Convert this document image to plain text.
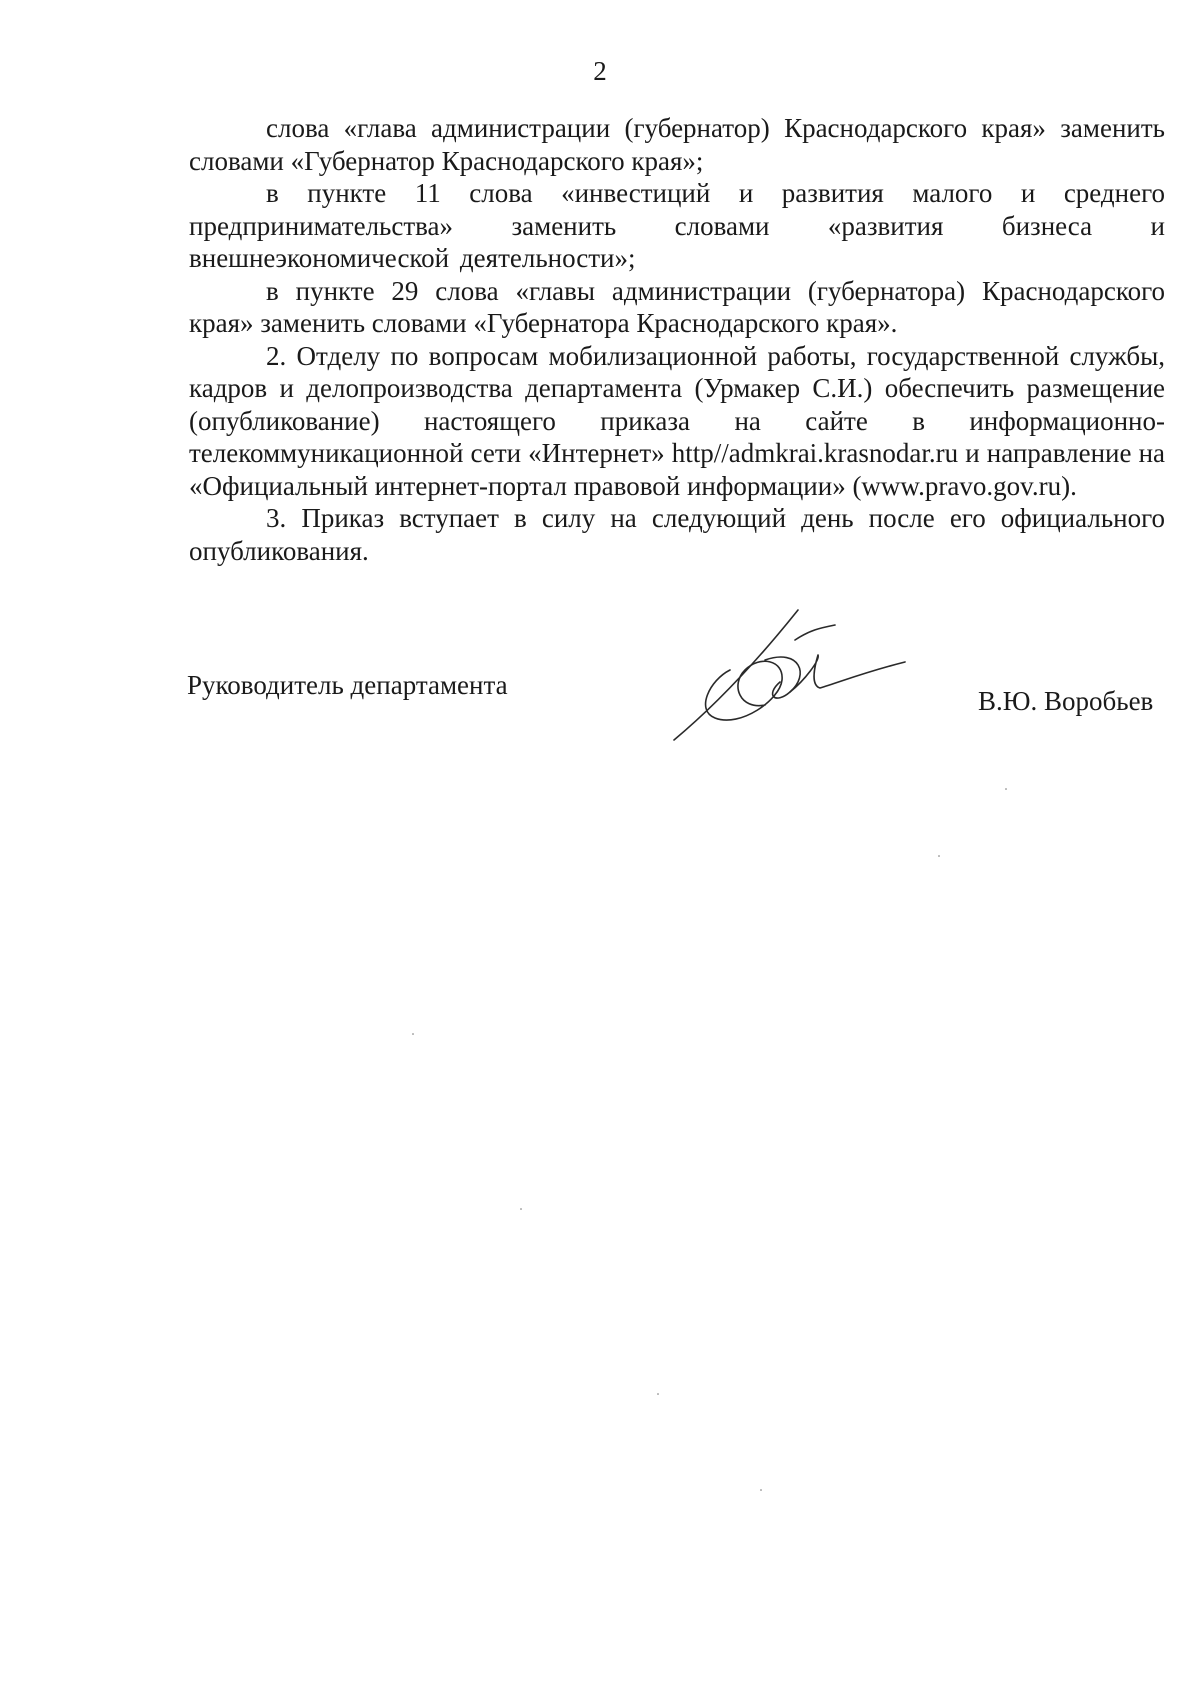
2

слова «глава администрации (губернатор) Краснодарского края» заменить словами «Губернатор Краснодарского края»;

в пункте 11 слова «инвестиций и развития малого и среднего предпринимательства» заменить словами «развития бизнеса и внешнеэкономической деятельности»;

в пункте 29 слова «главы администрации (губернатора) Краснодарского края» заменить словами «Губернатора Краснодарского края».

2. Отделу по вопросам мобилизационной работы, государственной службы, кадров и делопроизводства департамента (Урмакер С.И.) обеспечить размещение (опубликование) настоящего приказа на сайте в информационно-телекоммуникационной сети «Интернет» http//admkrai.krasnodar.ru и направление на «Официальный интернет-портал правовой информации» (www.pravo.gov.ru).

3. Приказ вступает в силу на следующий день после его официального опубликования.

Руководитель департамента
В.Ю. Воробьев
